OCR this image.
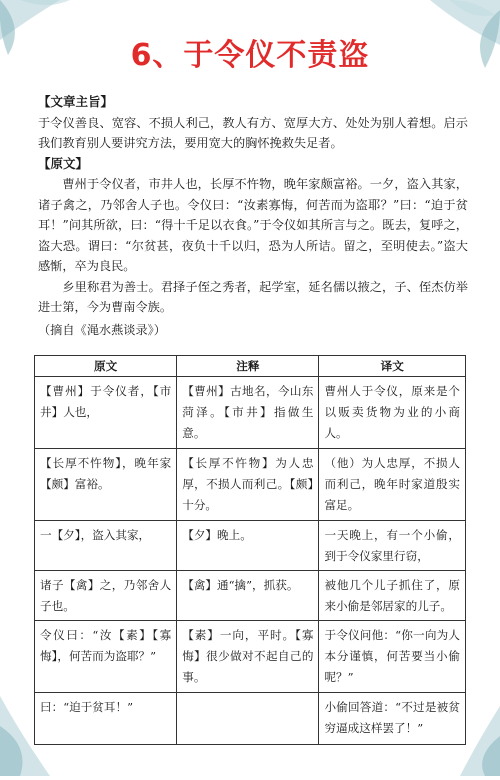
6、于令仪不责盗
【文章主旨】
于令仪善良、宽容、不损人利己，教人有方、宽厚大方、处处为别人着想。启示我们教育别人要讲究方法，要用宽大的胸怀挽救失足者。
【原文】
曹州于令仪者，市井人也，长厚不忤物，晚年家颇富裕。一夕，盗入其家，诸子禽之，乃邻舍人子也。令仪曰：“汝素寡悔，何苦而为盗耶？”曰：“迫于贫耳！”问其所欲，曰：“得十千足以衣食。”于令仪如其所言与之。既去，复呼之，盗大恐。谓曰：“尔贫甚，夜负十千以归，恐为人所诘。留之，至明使去。”盗大感惭，卒为良民。
乡里称君为善士。君择子侄之秀者，起学室，延名儒以掖之，子、侄杰仿举进士第，今为曹南令族。
（摘自《渑水燕谈录》）
原文	注释	译文
【曹州】于令仪者，【市井】人也，	【曹州】古地名，今山东菏泽。【市井】指做生意。	曹州人于令仪，原来是个以贩卖货物为业的小商人。
【长厚不忤物】，晚年家【颇】富裕。	【长厚不忤物】为人忠厚，不损人而利己。【颇】十分。	（他）为人忠厚，不损人而利己，晚年时家道殷实富足。
一【夕】，盗入其家，	【夕】晚上。	一天晚上，有一个小偷，到于令仪家里行窃，
诸子【禽】之，乃邻舍人子也。	【禽】通“擒”，抓获。	被他几个儿子抓住了，原来小偷是邻居家的儿子。
令仪曰：“汝【素】【寡悔】，何苦而为盗耶？”	【素】一向，平时。【寡悔】很少做对不起自己的事。	于令仪问他：“你一向为人本分谨慎，何苦要当小偷呢？”
曰：“迫于贫耳！”		小偷回答道：“不过是被贫穷逼成这样罢了！”
